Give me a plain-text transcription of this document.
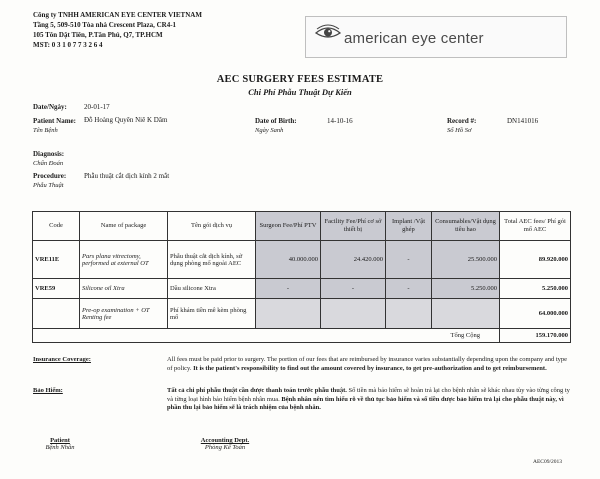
Công ty TNHH AMERICAN EYE CENTER VIETNAM
Tầng 5, 509-510 Tòa nhà Crescent Plaza, CR4-1
105 Tôn Dật Tiên, P.Tân Phú, Q7, TP.HCM
MST: 0 3 1 0 7 7 3 2 6 4	american eye center
AEC SURGERY FEES ESTIMATE
Chi Phí Phẫu Thuật Dự Kiến
Date/Ngày: 20-01-17
Patient Name:
Tên Bệnh
Đỗ Hoàng Quyên Niê K Dăm	Date of Birth:
Ngày Sanh
14-10-16	Record #:
Số Hồ Sơ
DN141016
Diagnosis:
Chẩn Đoán
Procedure:
Phẫu Thuật
Phẫu thuật cắt dịch kính 2 mắt
Code	Name of package	Tên gói dịch vụ	Surgeon Fee/Phí PTV	Facility Fee/Phí cơ sở thiết bị	Implant /Vật ghép	Consumables/Vật dụng tiêu hao	Total AEC fees/ Phí gói mổ AEC
VRE11E	Pars plana vitrectomy, performed at external OT	Phẫu thuật cắt dịch kính, sử dụng phòng mổ ngoài AEC	40.000.000	24.420.000	-	25.500.000	89.920.000
VRE59	Silicone oil Xtra	Dầu silicone Xtra	-	-	-	5.250.000	5.250.000
	Pre-op examination + OT Renting fee	Phí khám tiền mê kèm phòng mổ					64.000.000
						Tổng Cộng	159.170.000
Insurance Coverage:	All fees must be paid prior to surgery. The portion of our fees that are reimbursed by insurance varies substantially depending upon the company and type of policy. It is the patient's responsibility to find out the amount covered by insurance, to get pre-authorization and to get reimbursement.
Bảo Hiểm:	Tất cả chi phí phẫu thuật cần được thanh toán trước phẫu thuật. Số tiền mà bảo hiểm sẽ hoàn trả lại cho bệnh nhân sẽ khác nhau tùy vào từng công ty và từng loại hình bảo hiểm bệnh nhân mua. Bệnh nhân nên tìm hiểu rõ về thủ tục bảo hiểm và số tiền được bảo hiểm trả lại cho phẫu thuật này, vì phần thu lại bảo hiểm sẽ là trách nhiệm của bệnh nhân.
Patient
Bệnh Nhân
Accounting Dept.
Phòng Kế Toán
AEC09/2013
